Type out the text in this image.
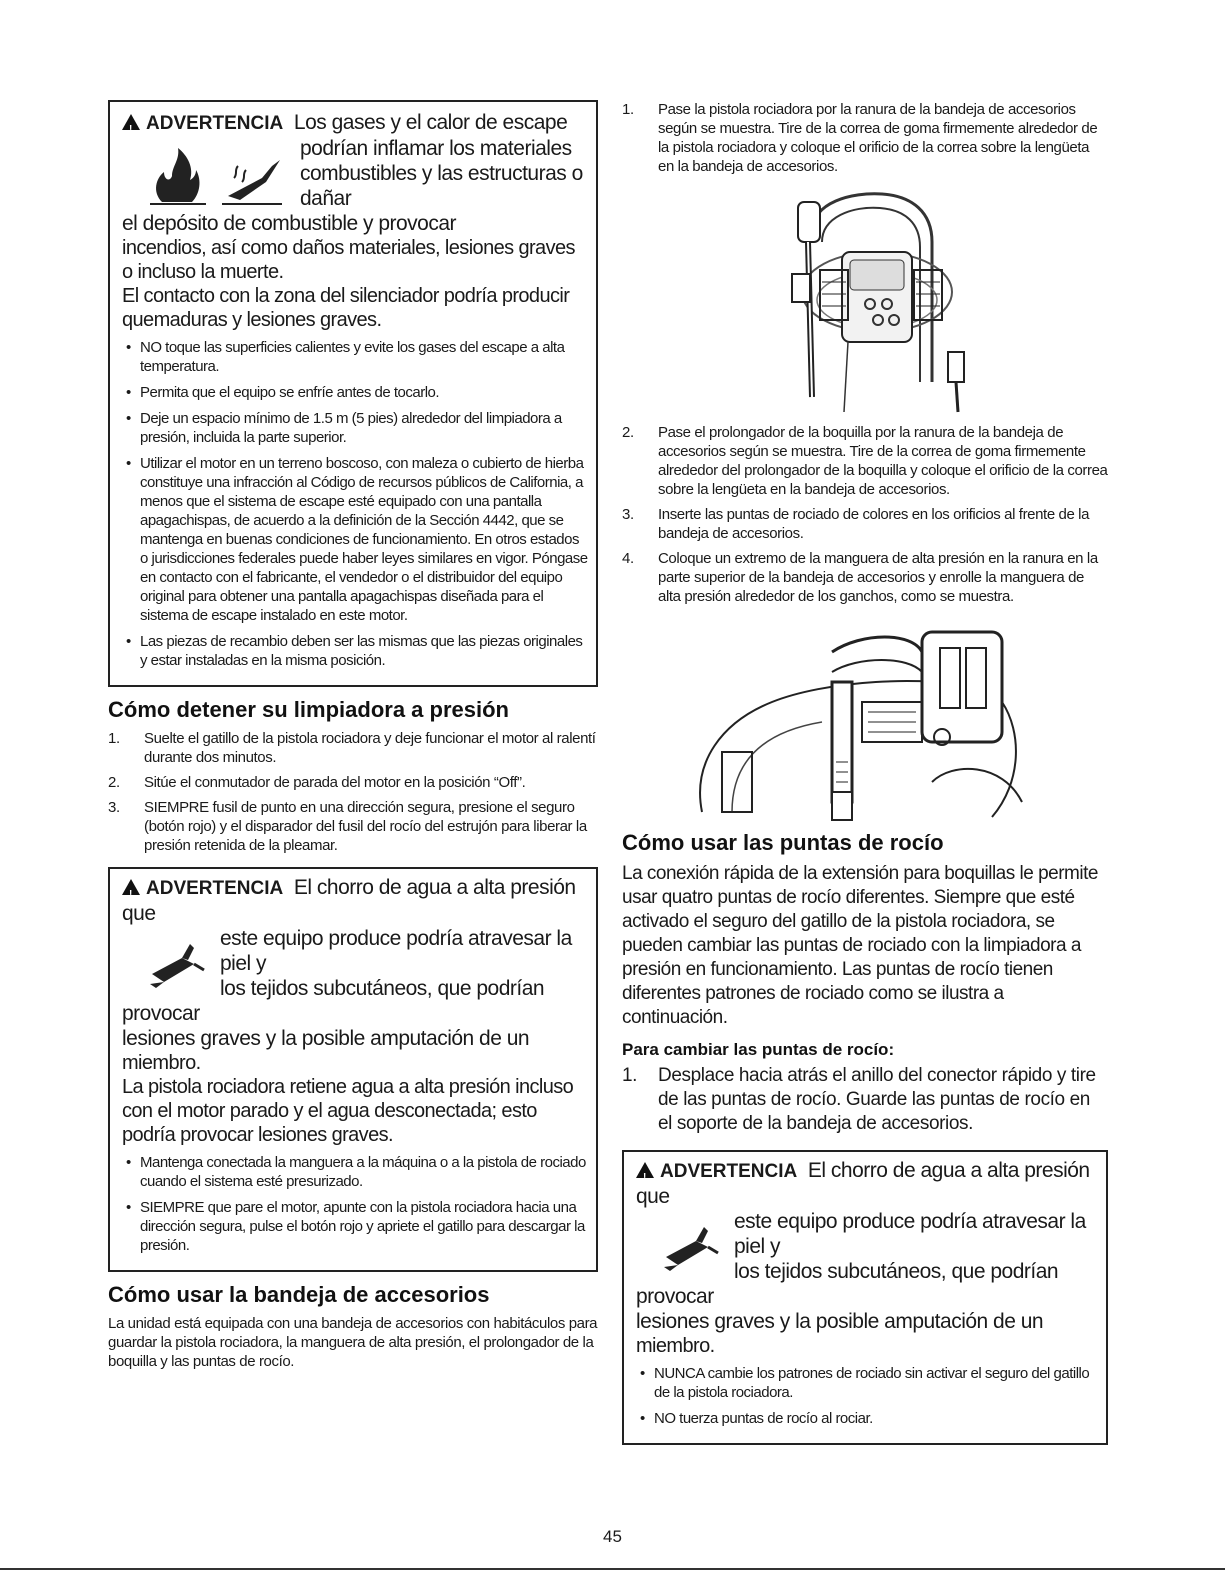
!ADVERTENCIA Los gases y el calor de escape
podrían inflamar los materiales
combustibles y las estructuras o dañar
el depósito de combustible y provocar
incendios, así como daños materiales, lesiones graves o incluso la muerte.
El contacto con la zona del silenciador podría producir quemaduras y lesiones graves.
• NO toque las superficies calientes y evite los gases del escape a alta temperatura.
• Permita que el equipo se enfríe antes de tocarlo.
• Deje un espacio mínimo de 1.5 m (5 pies) alrededor del limpiadora a presión, incluida la parte superior.
• Utilizar el motor en un terreno boscoso, con maleza o cubierto de hierba constituye una infracción al Código de recursos públicos de California, a menos que el sistema de escape esté equipado con una pantalla apagachispas, de acuerdo a la definición de la Sección 4442, que se mantenga en buenas condiciones de funcionamiento. En otros estados o jurisdicciones federales puede haber leyes similares en vigor. Póngase en contacto con el fabricante, el vendedor o el distribuidor del equipo original para obtener una pantalla apagachispas diseñada para el sistema de escape instalado en este motor.
• Las piezas de recambio deben ser las mismas que las piezas originales y estar instaladas en la misma posición.
Cómo detener su limpiadora a presión
1. Suelte el gatillo de la pistola rociadora y deje funcionar el motor al ralentí durante dos minutos.
2. Sitúe el conmutador de parada del motor en la posición “Off”.
3. SIEMPRE fusil de punto en una dirección segura, presione el seguro (botón rojo) y el disparador del fusil del rocío del estrujón para liberar la presión retenida de la pleamar.
!ADVERTENCIA El chorro de agua a alta presión que
este equipo produce podría atravesar la piel y
los tejidos subcutáneos, que podrían provocar
lesiones graves y la posible amputación de un
miembro.
La pistola rociadora retiene agua a alta presión incluso con el motor parado y el agua desconectada; esto podría provocar lesiones graves.
• Mantenga conectada la manguera a la máquina o a la pistola de rociado cuando el sistema esté presurizado.
• SIEMPRE que pare el motor, apunte con la pistola rociadora hacia una dirección segura, pulse el botón rojo y apriete el gatillo para descargar la presión.
Cómo usar la bandeja de accesorios

La unidad está equipada con una bandeja de accesorios con habitáculos para guardar la pistola rociadora, la manguera de alta presión, el prolongador de la boquilla y las puntas de rocío.

1. Pase la pistola rociadora por la ranura de la bandeja de accesorios según se muestra. Tire de la correa de goma firmemente alrededor de la pistola rociadora y coloque el orificio de la correa sobre la lengüeta en la bandeja de accesorios.
2. Pase el prolongador de la boquilla por la ranura de la bandeja de accesorios según se muestra. Tire de la correa de goma firmemente alrededor del prolongador de la boquilla y coloque el orificio de la correa sobre la lengüeta en la bandeja de accesorios.
3. Inserte las puntas de rociado de colores en los orificios al frente de la bandeja de accesorios.
4. Coloque un extremo de la manguera de alta presión en la ranura en la parte superior de la bandeja de accesorios y enrolle la manguera de alta presión alrededor de los ganchos, como se muestra.
Cómo usar las puntas de rocío

La conexión rápida de la extensión para boquillas le permite usar quatro puntas de rocío diferentes. Siempre que esté activado el seguro del gatillo de la pistola rociadora, se pueden cambiar las puntas de rociado con la limpiadora a presión en funcionamiento. Las puntas de rocío tienen diferentes patrones de rociado como se ilustra a continuación.

Para cambiar las puntas de rocío:
1. Desplace hacia atrás el anillo del conector rápido y tire de las puntas de rocío. Guarde las puntas de rocío en el soporte de la bandeja de accesorios.
!ADVERTENCIA El chorro de agua a alta presión que
este equipo produce podría atravesar la piel y
los tejidos subcutáneos, que podrían provocar
lesiones graves y la posible amputación de un
miembro.
• NUNCA cambie los patrones de rociado sin activar el seguro del gatillo de la pistola rociadora.
• NO tuerza puntas de rocío al rociar.
45
